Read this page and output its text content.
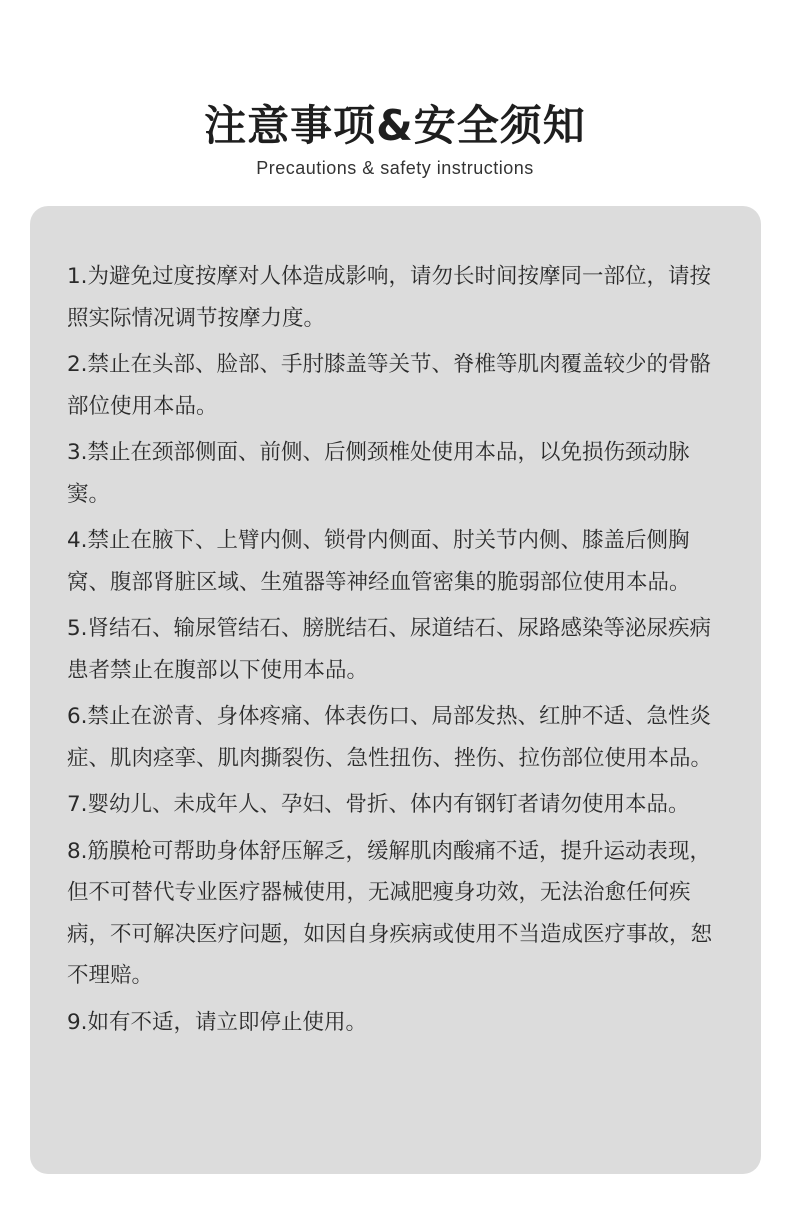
注意事项&安全须知
Precautions & safety instructions

1.为避免过度按摩对人体造成影响，请勿长时间按摩同一部位，请按照实际情况调节按摩力度。

2.禁止在头部、脸部、手肘膝盖等关节、脊椎等肌肉覆盖较少的骨骼部位使用本品。

3.禁止在颈部侧面、前侧、后侧颈椎处使用本品，以免损伤颈动脉窦。

4.禁止在腋下、上臂内侧、锁骨内侧面、肘关节内侧、膝盖后侧胸窝、腹部肾脏区域、生殖器等神经血管密集的脆弱部位使用本品。

5.肾结石、输尿管结石、膀胱结石、尿道结石、尿路感染等泌尿疾病患者禁止在腹部以下使用本品。

6.禁止在淤青、身体疼痛、体表伤口、局部发热、红肿不适、急性炎症、肌肉痉挛、肌肉撕裂伤、急性扭伤、挫伤、拉伤部位使用本品。

7.婴幼儿、未成年人、孕妇、骨折、体内有钢钉者请勿使用本品。

8.筋膜枪可帮助身体舒压解乏，缓解肌肉酸痛不适，提升运动表现，但不可替代专业医疗器械使用，无减肥瘦身功效，无法治愈任何疾病，不可解决医疗问题，如因自身疾病或使用不当造成医疗事故，恕不理赔。

9.如有不适，请立即停止使用。
